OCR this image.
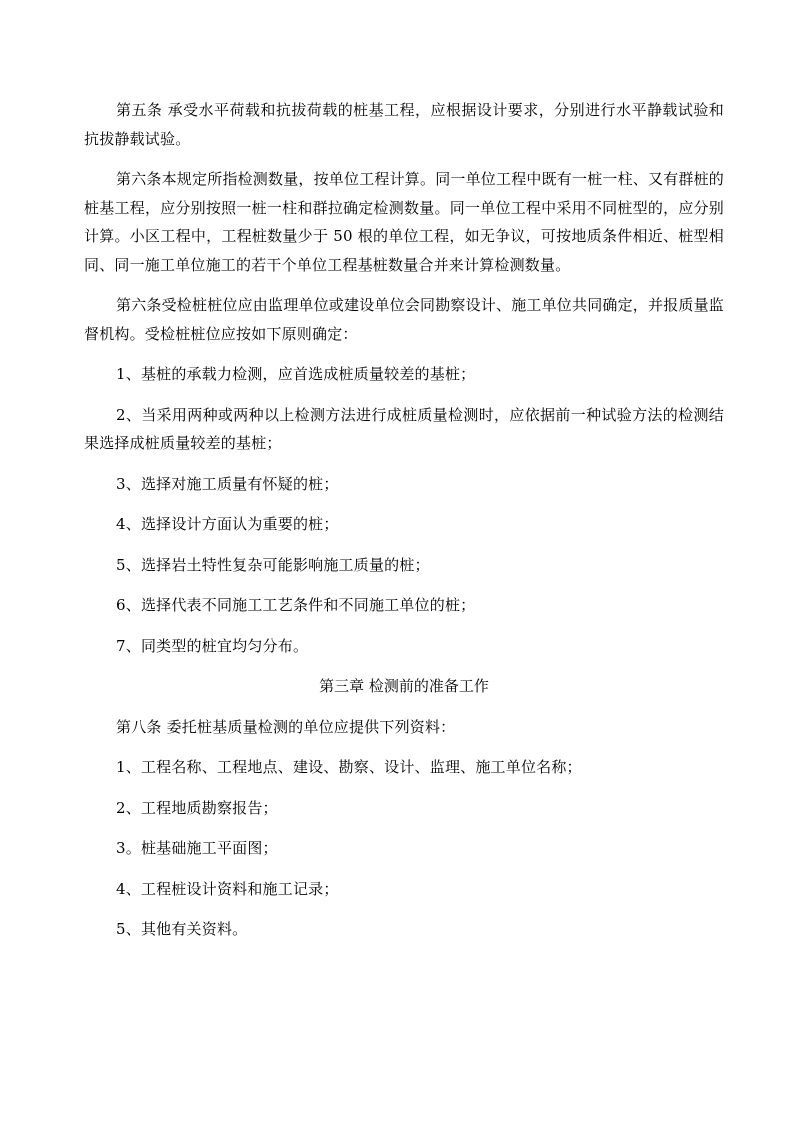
第五条 承受水平荷载和抗拔荷载的桩基工程，应根据设计要求，分别进行水平静载试验和抗拔静载试验。

第六条本规定所指检测数量，按单位工程计算。同一单位工程中既有一桩一柱、又有群桩的桩基工程，应分别按照一桩一柱和群拉确定检测数量。同一单位工程中采用不同桩型的，应分别计算。小区工程中，工程桩数量少于 50 根的单位工程，如无争议，可按地质条件相近、桩型相同、同一施工单位施工的若干个单位工程基桩数量合并来计算检测数量。

第六条受检桩桩位应由监理单位或建设单位会同勘察设计、施工单位共同确定，并报质量监督机构。受检桩桩位应按如下原则确定：

1、基桩的承载力检测，应首选成桩质量较差的基桩；

2、当采用两种或两种以上检测方法进行成桩质量检测时，应依据前一种试验方法的检测结果选择成桩质量较差的基桩；

3、选择对施工质量有怀疑的桩；

4、选择设计方面认为重要的桩；

5、选择岩土特性复杂可能影响施工质量的桩；

6、选择代表不同施工工艺条件和不同施工单位的桩；

7、同类型的桩宜均匀分布。

第三章 检测前的准备工作

第八条 委托桩基质量检测的单位应提供下列资料：

1、工程名称、工程地点、建设、勘察、设计、监理、施工单位名称；

2、工程地质勘察报告；

3。桩基础施工平面图；

4、工程桩设计资料和施工记录；

5、其他有关资料。
